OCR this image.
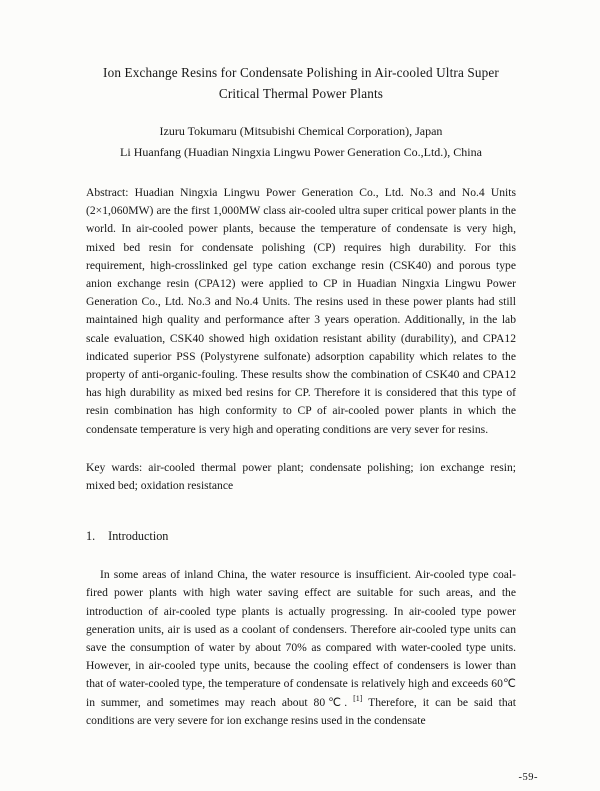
Ion Exchange Resins for Condensate Polishing in Air-cooled Ultra Super
Critical Thermal Power Plants
Izuru Tokumaru (Mitsubishi Chemical Corporation), Japan
Li Huanfang (Huadian Ningxia Lingwu Power Generation Co.,Ltd.), China

Abstract: Huadian Ningxia Lingwu Power Generation Co., Ltd. No.3 and No.4 Units (2×1,060MW) are the first 1,000MW class air-cooled ultra super critical power plants in the world. In air-cooled power plants, because the temperature of condensate is very high, mixed bed resin for condensate polishing (CP) requires high durability. For this requirement, high-crosslinked gel type cation exchange resin (CSK40) and porous type anion exchange resin (CPA12) were applied to CP in Huadian Ningxia Lingwu Power Generation Co., Ltd. No.3 and No.4 Units. The resins used in these power plants had still maintained high quality and performance after 3 years operation. Additionally, in the lab scale evaluation, CSK40 showed high oxidation resistant ability (durability), and CPA12 indicated superior PSS (Polystyrene sulfonate) adsorption capability which relates to the property of anti-organic-fouling. These results show the combination of CSK40 and CPA12 has high durability as mixed bed resins for CP. Therefore it is considered that this type of resin combination has high conformity to CP of air-cooled power plants in which the condensate temperature is very high and operating conditions are very sever for resins.

Key wards: air-cooled thermal power plant; condensate polishing; ion exchange resin; mixed bed; oxidation resistance

1. Introduction

In some areas of inland China, the water resource is insufficient. Air-cooled type coal-fired power plants with high water saving effect are suitable for such areas, and the introduction of air-cooled type plants is actually progressing. In air-cooled type power generation units, air is used as a coolant of condensers. Therefore air-cooled type units can save the consumption of water by about 70% as compared with water-cooled type units. However, in air-cooled type units, because the cooling effect of condensers is lower than that of water-cooled type, the temperature of condensate is relatively high and exceeds 60℃ in summer, and sometimes may reach about 80℃. [1] Therefore, it can be said that conditions are very severe for ion exchange resins used in the condensate

-59-
